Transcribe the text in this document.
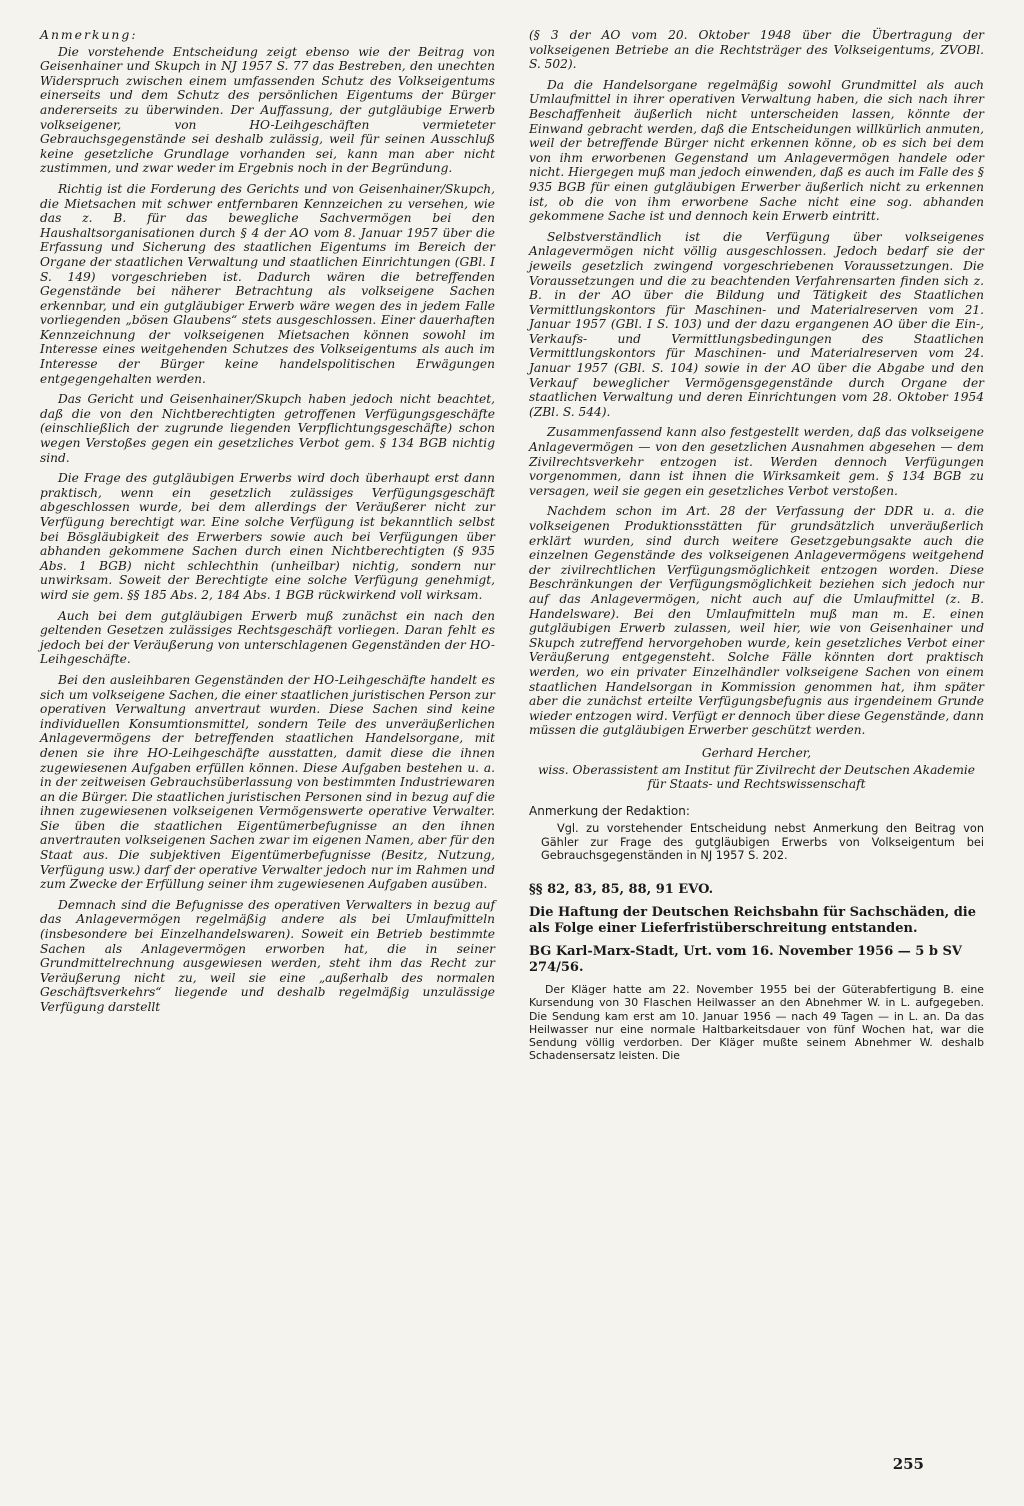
Anmerkung:

Die vorstehende Entscheidung zeigt ebenso wie der Beitrag von Geisenhainer und Skupch in NJ 1957 S. 77 das Bestreben, den unechten Widerspruch zwischen einem umfassenden Schutz des Volkseigentums einerseits und dem Schutz des persönlichen Eigentums der Bürger andererseits zu überwinden. Der Auffassung, der gutgläubige Erwerb volkseigener, von HO-Leihgeschäften vermieteter Gebrauchsgegenstände sei deshalb zulässig, weil für seinen Ausschluß keine gesetzliche Grundlage vorhanden sei, kann man aber nicht zustimmen, und zwar weder im Ergebnis noch in der Begründung.

Richtig ist die Forderung des Gerichts und von Geisenhainer/Skupch, die Mietsachen mit schwer entfernbaren Kennzeichen zu versehen, wie das z. B. für das bewegliche Sachvermögen bei den Haushaltsorganisationen durch § 4 der AO vom 8. Januar 1957 über die Erfassung und Sicherung des staatlichen Eigentums im Bereich der Organe der staatlichen Verwaltung und staatlichen Einrichtungen (GBl. I S. 149) vorgeschrieben ist. Dadurch wären die betreffenden Gegenstände bei näherer Betrachtung als volkseigene Sachen erkennbar, und ein gutgläubiger Erwerb wäre wegen des in jedem Falle vorliegenden „bösen Glaubens“ stets ausgeschlossen. Einer dauerhaften Kennzeichnung der volkseigenen Mietsachen können sowohl im Interesse eines weitgehenden Schutzes des Volkseigentums als auch im Interesse der Bürger keine handelspolitischen Erwägungen entgegengehalten werden.

Das Gericht und Geisenhainer/Skupch haben jedoch nicht beachtet, daß die von den Nichtberechtigten getroffenen Verfügungsgeschäfte (einschließlich der zugrunde liegenden Verpflichtungsgeschäfte) schon wegen Verstoßes gegen ein gesetzliches Verbot gem. § 134 BGB nichtig sind.

Die Frage des gutgläubigen Erwerbs wird doch überhaupt erst dann praktisch, wenn ein gesetzlich zulässiges Verfügungsgeschäft abgeschlossen wurde, bei dem allerdings der Veräußerer nicht zur Verfügung berechtigt war. Eine solche Verfügung ist bekanntlich selbst bei Bösgläubigkeit des Erwerbers sowie auch bei Verfügungen über abhanden gekommene Sachen durch einen Nichtberechtigten (§ 935 Abs. 1 BGB) nicht schlechthin (unheilbar) nichtig, sondern nur unwirksam. Soweit der Berechtigte eine solche Verfügung genehmigt, wird sie gem. §§ 185 Abs. 2, 184 Abs. 1 BGB rückwirkend voll wirksam.

Auch bei dem gutgläubigen Erwerb muß zunächst ein nach den geltenden Gesetzen zulässiges Rechtsgeschäft vorliegen. Daran fehlt es jedoch bei der Veräußerung von unterschlagenen Gegenständen der HO-Leihgeschäfte.

Bei den ausleihbaren Gegenständen der HO-Leihgeschäfte handelt es sich um volkseigene Sachen, die einer staatlichen juristischen Person zur operativen Verwaltung anvertraut wurden. Diese Sachen sind keine individuellen Konsumtionsmittel, sondern Teile des unveräußerlichen Anlagevermögens der betreffenden staatlichen Handelsorgane, mit denen sie ihre HO-Leihgeschäfte ausstatten, damit diese die ihnen zugewiesenen Aufgaben erfüllen können. Diese Aufgaben bestehen u. a. in der zeitweisen Gebrauchsüberlassung von bestimmten Industriewaren an die Bürger. Die staatlichen juristischen Personen sind in bezug auf die ihnen zugewiesenen volkseigenen Vermögenswerte operative Verwalter. Sie üben die staatlichen Eigentümerbefugnisse an den ihnen anvertrauten volkseigenen Sachen zwar im eigenen Namen, aber für den Staat aus. Die subjektiven Eigentümerbefugnisse (Besitz, Nutzung, Verfügung usw.) darf der operative Verwalter jedoch nur im Rahmen und zum Zwecke der Erfüllung seiner ihm zugewiesenen Aufgaben ausüben.

Demnach sind die Befugnisse des operativen Verwalters in bezug auf das Anlagevermögen regelmäßig andere als bei Umlaufmitteln (insbesondere bei Einzelhandelswaren). Soweit ein Betrieb bestimmte Sachen als Anlagevermögen erworben hat, die in seiner Grundmittelrechnung ausgewiesen werden, steht ihm das Recht zur Veräußerung nicht zu, weil sie eine „außerhalb des normalen Geschäftsverkehrs“ liegende und deshalb regelmäßig unzulässige Verfügung darstellt

(§ 3 der AO vom 20. Oktober 1948 über die Übertragung der volkseigenen Betriebe an die Rechtsträger des Volkseigentums, ZVOBl. S. 502).

Da die Handelsorgane regelmäßig sowohl Grundmittel als auch Umlaufmittel in ihrer operativen Verwaltung haben, die sich nach ihrer Beschaffenheit äußerlich nicht unterscheiden lassen, könnte der Einwand gebracht werden, daß die Entscheidungen willkürlich anmuten, weil der betreffende Bürger nicht erkennen könne, ob es sich bei dem von ihm erworbenen Gegenstand um Anlagevermögen handele oder nicht. Hiergegen muß man jedoch einwenden, daß es auch im Falle des § 935 BGB für einen gutgläubigen Erwerber äußerlich nicht zu erkennen ist, ob die von ihm erworbene Sache nicht eine sog. abhanden gekommene Sache ist und dennoch kein Erwerb eintritt.

Selbstverständlich ist die Verfügung über volkseigenes Anlagevermögen nicht völlig ausgeschlossen. Jedoch bedarf sie der jeweils gesetzlich zwingend vorgeschriebenen Voraussetzungen. Die Voraussetzungen und die zu beachtenden Verfahrensarten finden sich z. B. in der AO über die Bildung und Tätigkeit des Staatlichen Vermittlungskontors für Maschinen- und Materialreserven vom 21. Januar 1957 (GBl. I S. 103) und der dazu ergangenen AO über die Ein-, Verkaufs- und Vermittlungsbedingungen des Staatlichen Vermittlungskontors für Maschinen- und Materialreserven vom 24. Januar 1957 (GBl. S. 104) sowie in der AO über die Abgabe und den Verkauf beweglicher Vermögensgegenstände durch Organe der staatlichen Verwaltung und deren Einrichtungen vom 28. Oktober 1954 (ZBl. S. 544).

Zusammenfassend kann also festgestellt werden, daß das volkseigene Anlagevermögen — von den gesetzlichen Ausnahmen abgesehen — dem Zivilrechtsverkehr entzogen ist. Werden dennoch Verfügungen vorgenommen, dann ist ihnen die Wirksamkeit gem. § 134 BGB zu versagen, weil sie gegen ein gesetzliches Verbot verstoßen.

Nachdem schon im Art. 28 der Verfassung der DDR u. a. die volkseigenen Produktionsstätten für grundsätzlich unveräußerlich erklärt wurden, sind durch weitere Gesetzgebungsakte auch die einzelnen Gegenstände des volkseigenen Anlagevermögens weitgehend der zivilrechtlichen Verfügungsmöglichkeit entzogen worden. Diese Beschränkungen der Verfügungsmöglichkeit beziehen sich jedoch nur auf das Anlagevermögen, nicht auch auf die Umlaufmittel (z. B. Handelsware). Bei den Umlaufmitteln muß man m. E. einen gutgläubigen Erwerb zulassen, weil hier, wie von Geisenhainer und Skupch zutreffend hervorgehoben wurde, kein gesetzliches Verbot einer Veräußerung entgegensteht. Solche Fälle könnten dort praktisch werden, wo ein privater Einzelhändler volkseigene Sachen von einem staatlichen Handelsorgan in Kommission genommen hat, ihm später aber die zunächst erteilte Verfügungsbefugnis aus irgendeinem Grunde wieder entzogen wird. Verfügt er dennoch über diese Gegenstände, dann müssen die gutgläubigen Erwerber geschützt werden.

Gerhard Hercher,

wiss. Oberassistent am Institut für Zivilrecht der Deutschen Akademie für Staats- und Rechtswissenschaft

Anmerkung der Redaktion:

Vgl. zu vorstehender Entscheidung nebst Anmerkung den Beitrag von Gähler zur Frage des gutgläubigen Erwerbs von Volkseigentum bei Gebrauchsgegenständen in NJ 1957 S. 202.

§§ 82, 83, 85, 88, 91 EVO.

Die Haftung der Deutschen Reichsbahn für Sachschäden, die als Folge einer Lieferfristüberschreitung entstanden.

BG Karl-Marx-Stadt, Urt. vom 16. November 1956 — 5 b SV 274/56.

Der Kläger hatte am 22. November 1955 bei der Güterabfertigung B. eine Kursendung von 30 Flaschen Heilwasser an den Abnehmer W. in L. aufgegeben. Die Sendung kam erst am 10. Januar 1956 — nach 49 Tagen — in L. an. Da das Heilwasser nur eine normale Haltbarkeitsdauer von fünf Wochen hat, war die Sendung völlig verdorben. Der Kläger mußte seinem Abnehmer W. deshalb Schadensersatz leisten. Die

255
